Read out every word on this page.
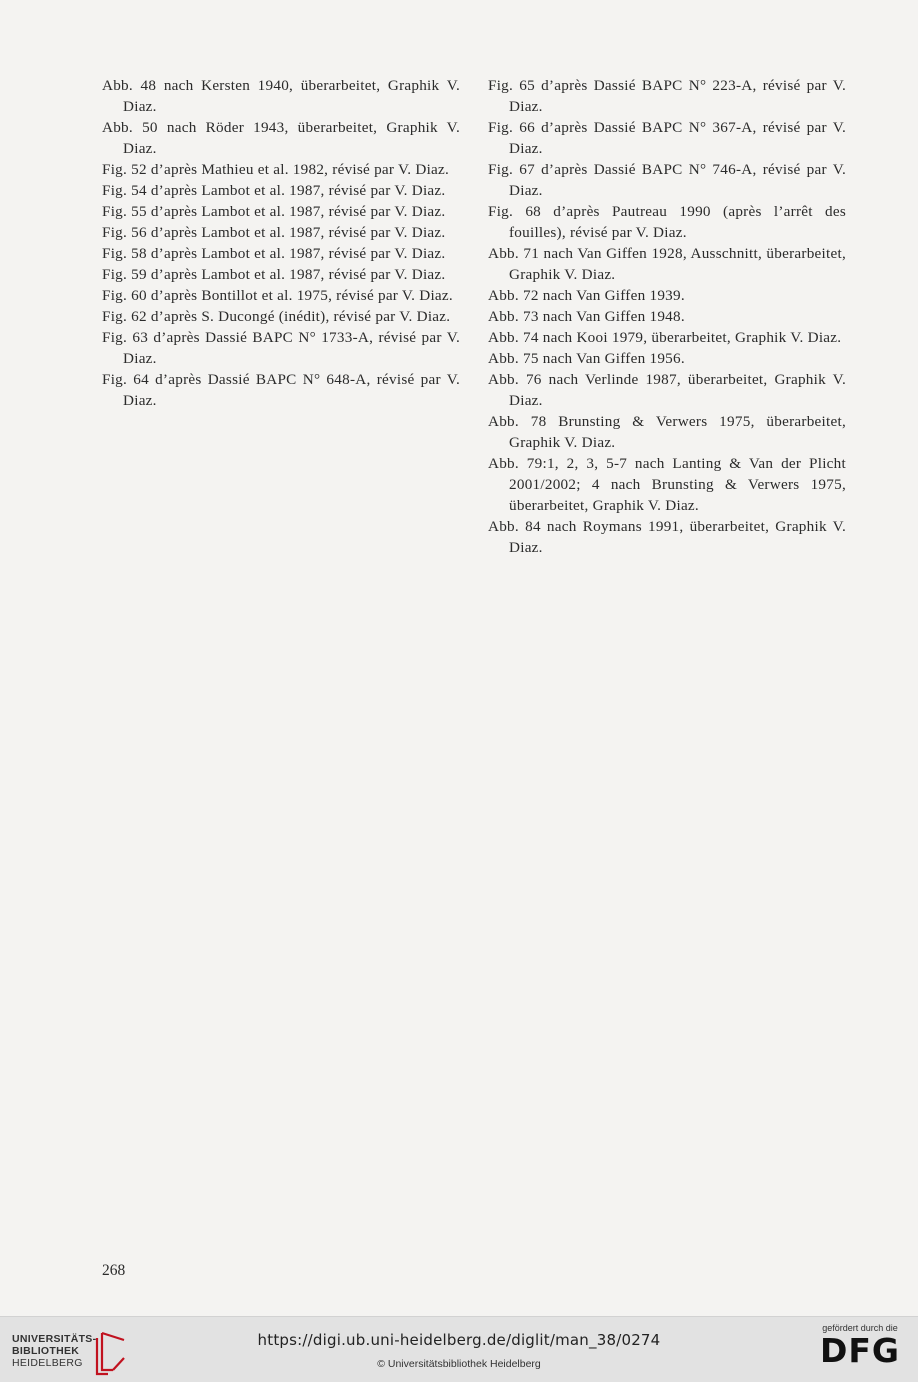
Abb. 48 nach Kersten 1940, überarbeitet, Graphik V. Diaz.
Abb. 50 nach Röder 1943, überarbeitet, Graphik V. Diaz.
Fig. 52 d’après Mathieu et al. 1982, révisé par V. Diaz.
Fig. 54 d’après Lambot et al. 1987, révisé par V. Diaz.
Fig. 55 d’après Lambot et al. 1987, révisé par V. Diaz.
Fig. 56 d’après Lambot et al. 1987, révisé par V. Diaz.
Fig. 58 d’après Lambot et al. 1987, révisé par V. Diaz.
Fig. 59 d’après Lambot et al. 1987, révisé par V. Diaz.
Fig. 60 d’après Bontillot et al. 1975, révisé par V. Diaz.
Fig. 62 d’après S. Ducongé (inédit), révisé par V. Diaz.
Fig. 63 d’après Dassié BAPC N° 1733-A, révisé par V. Diaz.
Fig. 64 d’après Dassié BAPC N° 648-A, révisé par V. Diaz.
Fig. 65 d’après Dassié BAPC N° 223-A, révisé par V. Diaz.
Fig. 66 d’après Dassié BAPC N° 367-A, révisé par V. Diaz.
Fig. 67 d’après Dassié BAPC N° 746-A, révisé par V. Diaz.
Fig. 68 d’après Pautreau 1990 (après l’arrêt des fouilles), révisé par V. Diaz.
Abb. 71 nach Van Giffen 1928, Ausschnitt, überarbeitet, Graphik V. Diaz.
Abb. 72 nach Van Giffen 1939.
Abb. 73 nach Van Giffen 1948.
Abb. 74 nach Kooi 1979, überarbeitet, Graphik V. Diaz.
Abb. 75 nach Van Giffen 1956.
Abb. 76 nach Verlinde 1987, überarbeitet, Graphik V. Diaz.
Abb. 78 Brunsting & Verwers 1975, überarbeitet, Graphik V. Diaz.
Abb. 79:1, 2, 3, 5-7 nach Lanting & Van der Plicht 2001/2002; 4 nach Brunsting & Verwers 1975, überarbeitet, Graphik V. Diaz.
Abb. 84 nach Roymans 1991, überarbeitet, Graphik V. Diaz.
268
UNIVERSITÄTS-
BIBLIOTHEK
HEIDELBERG
https://digi.ub.uni-heidelberg.de/diglit/man_38/0274
© Universitätsbibliothek Heidelberg
gefördert durch die
DFG
